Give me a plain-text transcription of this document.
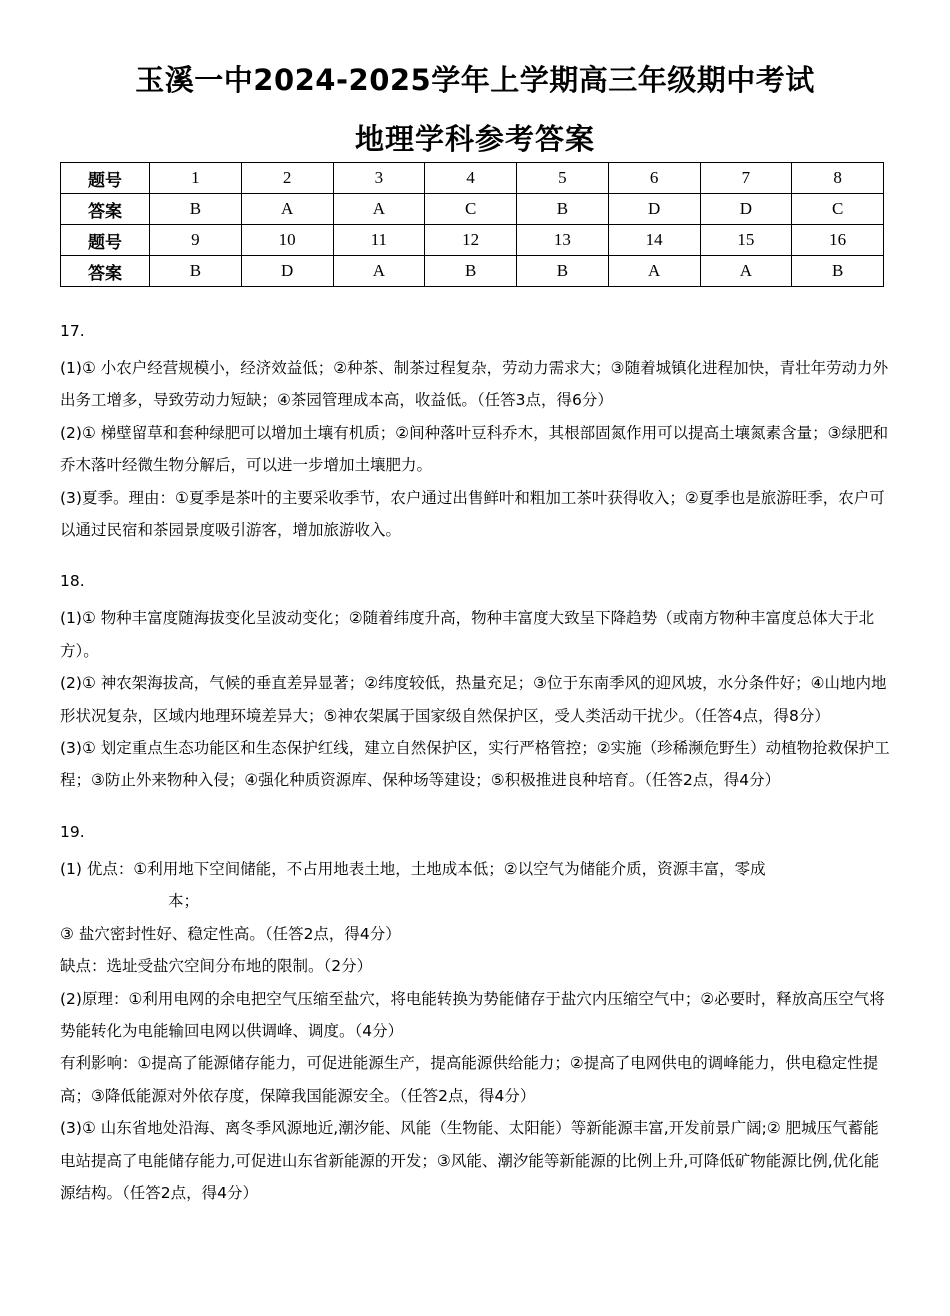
玉溪一中2024-2025学年上学期高三年级期中考试
地理学科参考答案
题号	1	2	3	4	5	6	7	8
答案	B	A	A	C	B	D	D	C
题号	9	10	11	12	13	14	15	16
答案	B	D	A	B	B	A	A	B
17.

(1)① 小农户经营规模小，经济效益低；②种茶、制茶过程复杂，劳动力需求大；③随着城镇化进程加快，青壮年劳动力外出务工增多，导致劳动力短缺；④茶园管理成本高，收益低。（任答3点，得6分）

(2)① 梯壁留草和套种绿肥可以增加土壤有机质；②间种落叶豆科乔木，其根部固氮作用可以提高土壤氮素含量；③绿肥和乔木落叶经微生物分解后，可以进一步增加土壤肥力。

(3)夏季。理由：①夏季是茶叶的主要采收季节，农户通过出售鲜叶和粗加工茶叶获得收入；②夏季也是旅游旺季，农户可以通过民宿和茶园景度吸引游客，增加旅游收入。

18.

(1)① 物种丰富度随海拔变化呈波动变化；②随着纬度升高，物种丰富度大致呈下降趋势（或南方物种丰富度总体大于北方）。

(2)① 神农架海拔高，气候的垂直差异显著；②纬度较低，热量充足；③位于东南季风的迎风坡，水分条件好；④山地内地形状况复杂，区域内地理环境差异大；⑤神农架属于国家级自然保护区，受人类活动干扰少。（任答4点，得8分）

(3)① 划定重点生态功能区和生态保护红线，建立自然保护区，实行严格管控；②实施（珍稀濒危野生）动植物抢救保护工程；③防止外来物种入侵；④强化种质资源库、保种场等建设；⑤积极推进良种培育。（任答2点，得4分）

19.

(1) 优点：①利用地下空间储能，不占用地表土地，土地成本低；②以空气为储能介质，资源丰富，零成

本；

③ 盐穴密封性好、稳定性高。（任答2点，得4分）

缺点：选址受盐穴空间分布地的限制。（2分）

(2)原理：①利用电网的余电把空气压缩至盐穴，将电能转换为势能储存于盐穴内压缩空气中；②必要时，释放高压空气将势能转化为电能输回电网以供调峰、调度。（4分）

有利影响：①提高了能源储存能力，可促进能源生产，提高能源供给能力；②提高了电网供电的调峰能力，供电稳定性提高；③降低能源对外依存度，保障我国能源安全。（任答2点，得4分）

(3)① 山东省地处沿海、离冬季风源地近,潮汐能、风能（生物能、太阳能）等新能源丰富,开发前景广阔;② 肥城压气蓄能电站提高了电能储存能力,可促进山东省新能源的开发；③风能、潮汐能等新能源的比例上升,可降低矿物能源比例,优化能源结构。（任答2点，得4分）
